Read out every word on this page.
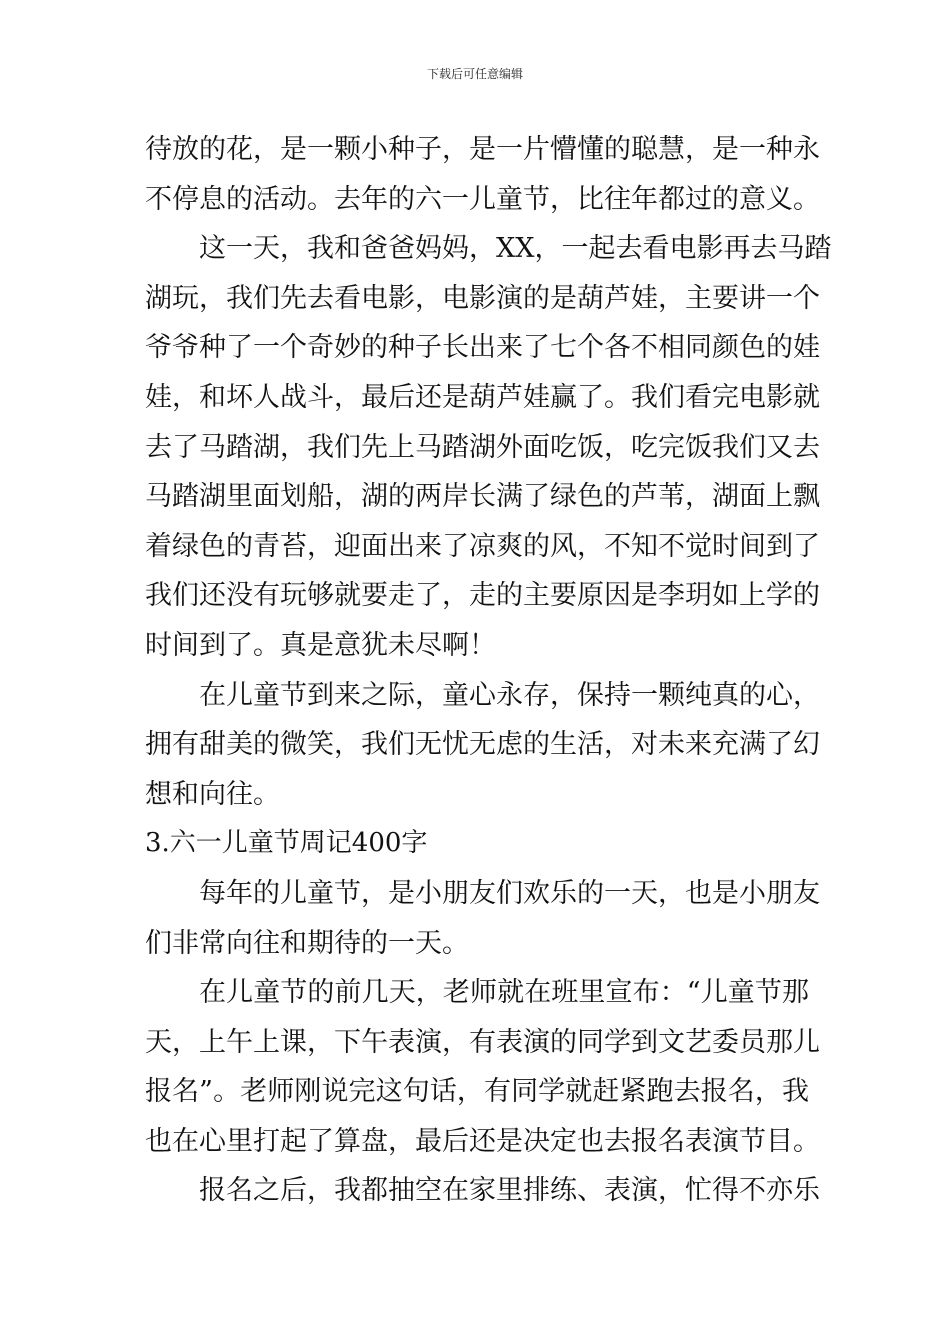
下载后可任意编辑
待放的花，是一颗小种子，是一片懵懂的聪慧，是一种永
不停息的活动。去年的六一儿童节，比往年都过的意义。
这一天，我和爸爸妈妈，XX，一起去看电影再去马踏
湖玩，我们先去看电影，电影演的是葫芦娃，主要讲一个
爷爷种了一个奇妙的种子长出来了七个各不相同颜色的娃
娃，和坏人战斗，最后还是葫芦娃赢了。我们看完电影就
去了马踏湖，我们先上马踏湖外面吃饭，吃完饭我们又去
马踏湖里面划船，湖的两岸长满了绿色的芦苇，湖面上飘
着绿色的青苔，迎面出来了凉爽的风，不知不觉时间到了
我们还没有玩够就要走了，走的主要原因是李玥如上学的
时间到了。真是意犹未尽啊！
在儿童节到来之际，童心永存，保持一颗纯真的心，
拥有甜美的微笑，我们无忧无虑的生活，对未来充满了幻
想和向往。
3.六一儿童节周记400字
每年的儿童节，是小朋友们欢乐的一天，也是小朋友
们非常向往和期待的一天。
在儿童节的前几天，老师就在班里宣布：“儿童节那
天，上午上课，下午表演，有表演的同学到文艺委员那儿
报名”。老师刚说完这句话，有同学就赶紧跑去报名，我
也在心里打起了算盘，最后还是决定也去报名表演节目。
报名之后，我都抽空在家里排练、表演，忙得不亦乐
